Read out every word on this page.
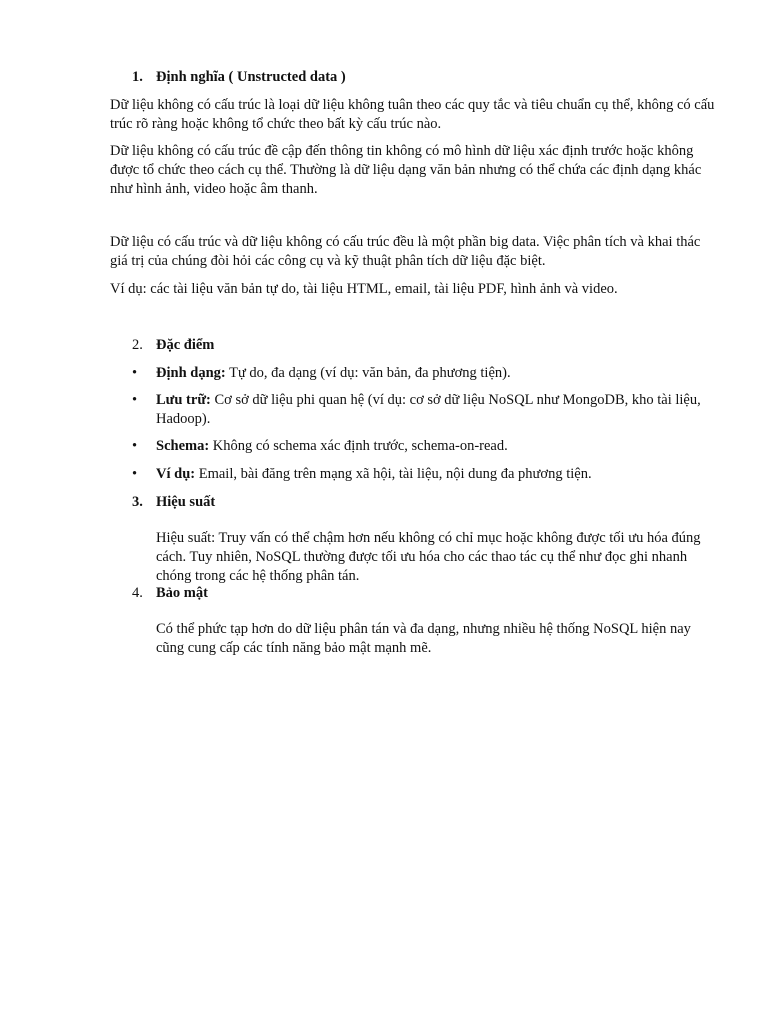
1. Định nghĩa ( Unstructed data )

Dữ liệu không có cấu trúc là loại dữ liệu không tuân theo các quy tắc và tiêu chuẩn cụ thể, không có cấu trúc rõ ràng hoặc không tổ chức theo bất kỳ cấu trúc nào.

Dữ liệu không có cấu trúc đề cập đến thông tin không có mô hình dữ liệu xác định trước hoặc không được tổ chức theo cách cụ thể. Thường là dữ liệu dạng văn bản nhưng có thể chứa các định dạng khác như hình ảnh, video hoặc âm thanh.

Dữ liệu có cấu trúc và dữ liệu không có cấu trúc đều là một phần big data. Việc phân tích và khai thác giá trị của chúng đòi hỏi các công cụ và kỹ thuật phân tích dữ liệu đặc biệt.

Ví dụ: các tài liệu văn bản tự do, tài liệu HTML, email, tài liệu PDF, hình ảnh và video.

2. Đặc điểm
•	Định dạng: Tự do, đa dạng (ví dụ: văn bản, đa phương tiện).
•	Lưu trữ: Cơ sở dữ liệu phi quan hệ (ví dụ: cơ sở dữ liệu NoSQL như MongoDB, kho tài liệu, Hadoop).
•	Schema: Không có schema xác định trước, schema-on-read.
•	Ví dụ: Email, bài đăng trên mạng xã hội, tài liệu, nội dung đa phương tiện.
3. Hiệu suất

Hiệu suất: Truy vấn có thể chậm hơn nếu không có chỉ mục hoặc không được tối ưu hóa đúng cách. Tuy nhiên, NoSQL thường được tối ưu hóa cho các thao tác cụ thể như đọc ghi nhanh chóng trong các hệ thống phân tán.

4. Bảo mật

Có thể phức tạp hơn do dữ liệu phân tán và đa dạng, nhưng nhiều hệ thống NoSQL hiện nay cũng cung cấp các tính năng bảo mật mạnh mẽ.
